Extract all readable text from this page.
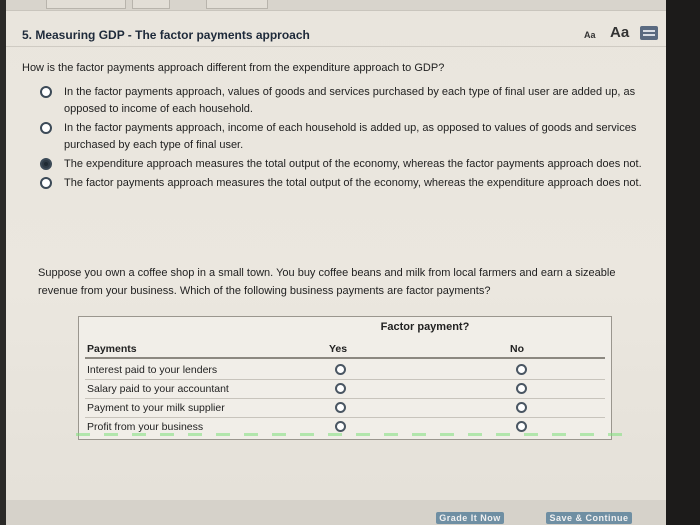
5. Measuring GDP - The factor payments approach	Aa Aa
How is the factor payments approach different from the expenditure approach to GDP?
In the factor payments approach, values of goods and services purchased by each type of final user are added up, as opposed to income of each household.
In the factor payments approach, income of each household is added up, as opposed to values of goods and services purchased by each type of final user.
The expenditure approach measures the total output of the economy, whereas the factor payments approach does not.
The factor payments approach measures the total output of the economy, whereas the expenditure approach does not.
Suppose you own a coffee shop in a small town. You buy coffee beans and milk from local farmers and earn a sizeable revenue from your business. Which of the following business payments are factor payments?
Factor payment?
Payments	Yes	No
Interest paid to your lenders
Salary paid to your accountant
Payment to your milk supplier
Profit from your business
Grade It Now	Save & Continue
